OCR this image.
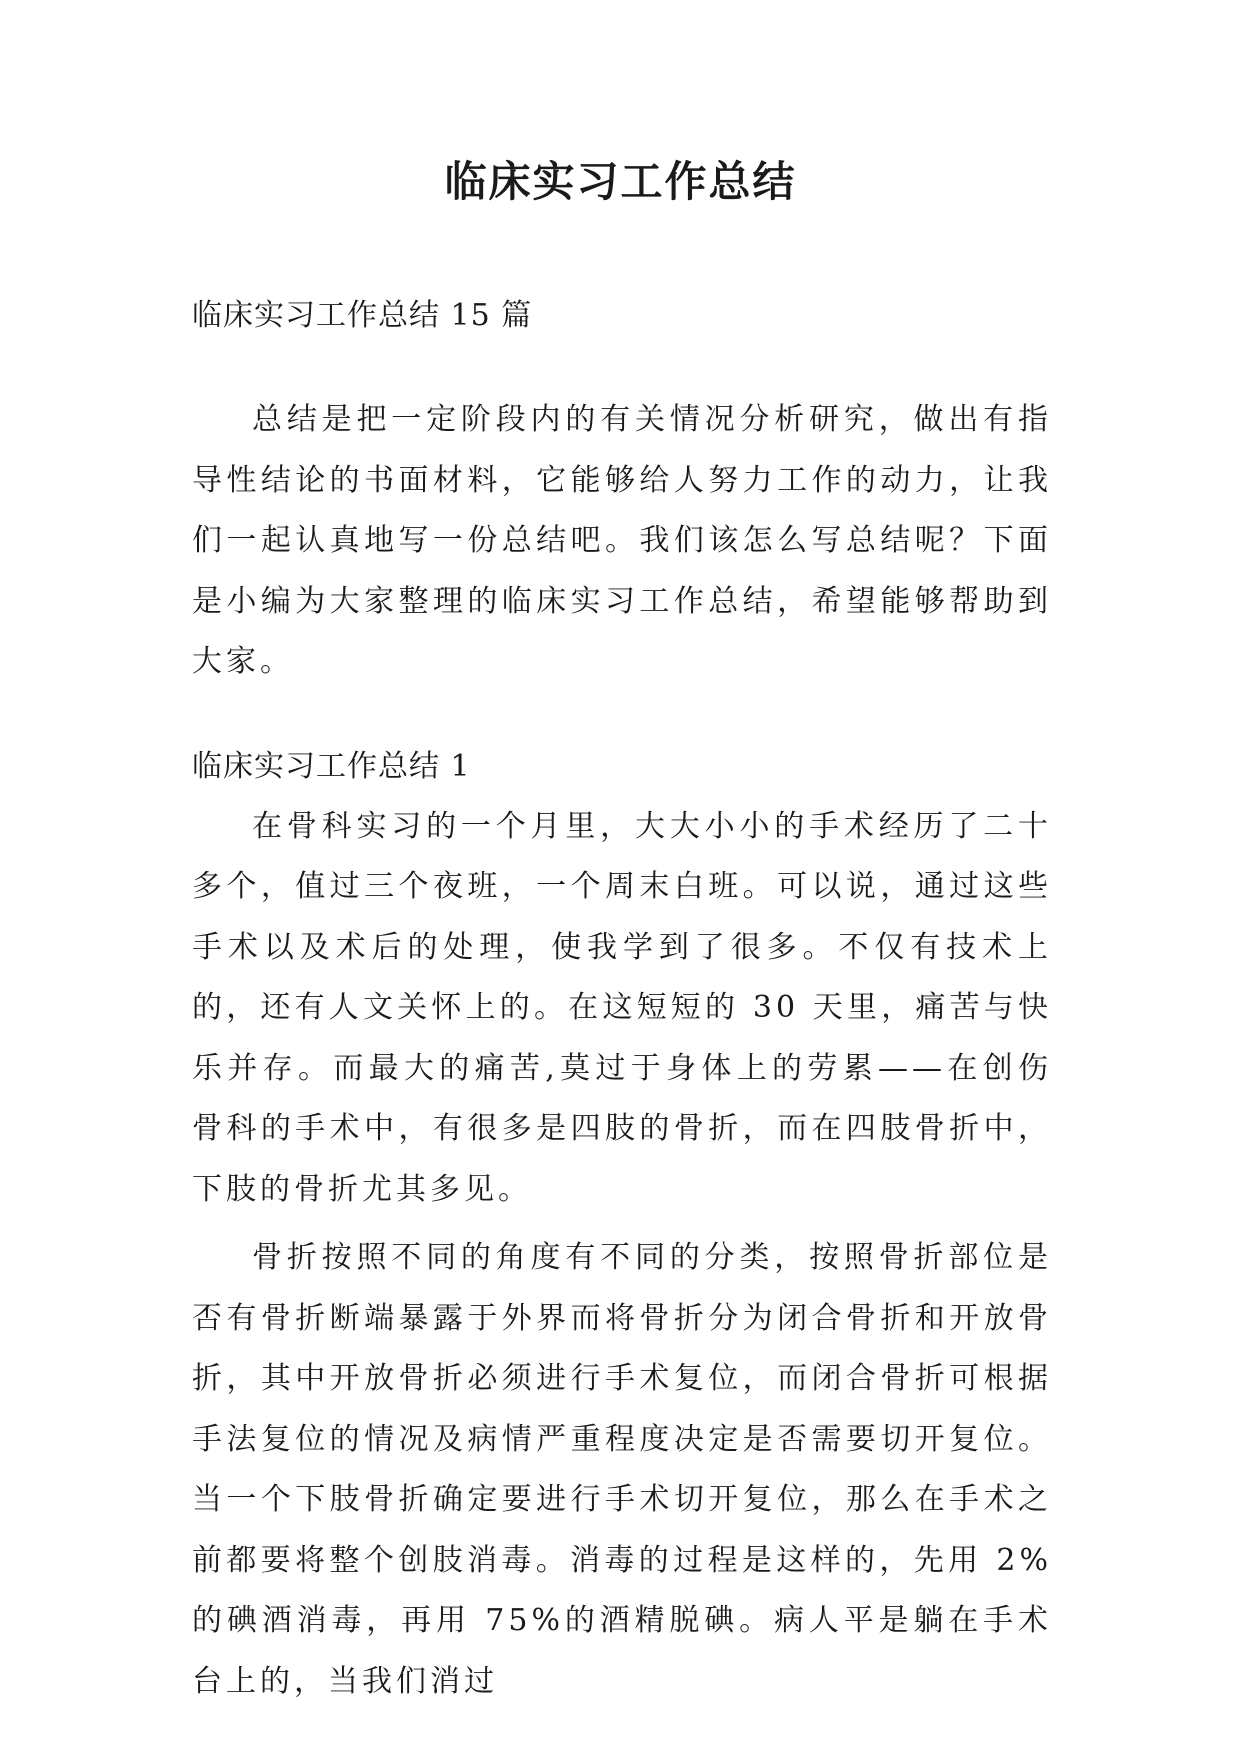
临床实习工作总结

临床实习工作总结 15 篇

总结是把一定阶段内的有关情况分析研究，做出有指导性结论的书面材料，它能够给人努力工作的动力，让我们一起认真地写一份总结吧。我们该怎么写总结呢？下面是小编为大家整理的临床实习工作总结，希望能够帮助到大家。

临床实习工作总结 1

在骨科实习的一个月里，大大小小的手术经历了二十多个，值过三个夜班，一个周末白班。可以说，通过这些手术以及术后的处理，使我学到了很多。不仅有技术上的，还有人文关怀上的。在这短短的 30 天里，痛苦与快乐并存。而最大的痛苦,莫过于身体上的劳累——在创伤骨科的手术中，有很多是四肢的骨折，而在四肢骨折中，下肢的骨折尤其多见。

骨折按照不同的角度有不同的分类，按照骨折部位是否有骨折断端暴露于外界而将骨折分为闭合骨折和开放骨折，其中开放骨折必须进行手术复位，而闭合骨折可根据手法复位的情况及病情严重程度决定是否需要切开复位。当一个下肢骨折确定要进行手术切开复位，那么在手术之前都要将整个创肢消毒。消毒的过程是这样的，先用 2%的碘酒消毒，再用 75%的酒精脱碘。病人平是躺在手术台上的，当我们消过
